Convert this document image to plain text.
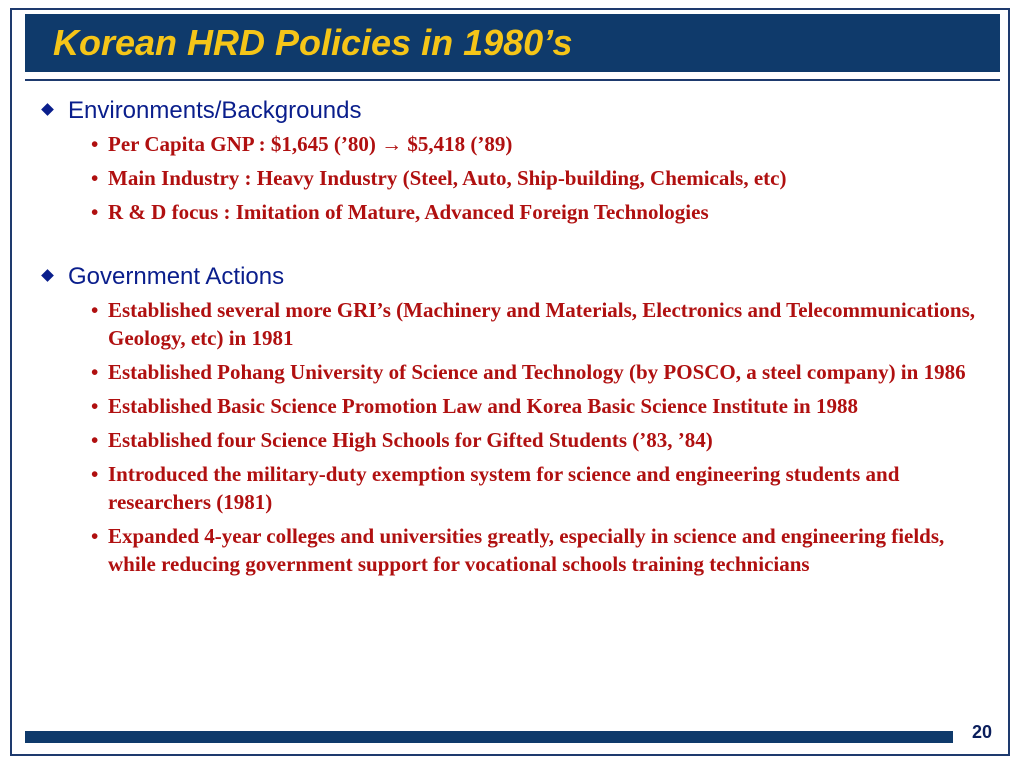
Korean HRD Policies in 1980’s
Environments/Backgrounds
• Per Capita GNP : $1,645 (’80) → $5,418 (’89)
• Main Industry : Heavy Industry (Steel, Auto, Ship-building, Chemicals, etc)
• R & D focus : Imitation of Mature, Advanced Foreign Technologies
Government Actions
• Established several more GRI’s (Machinery and Materials, Electronics and Telecommunications, Geology, etc) in 1981
• Established Pohang University of Science and Technology (by POSCO, a steel company) in 1986
• Established Basic Science Promotion Law and Korea Basic Science Institute in 1988
• Established four Science High Schools for Gifted Students (’83, ’84)
• Introduced the military-duty exemption system for science and engineering students and researchers (1981)
• Expanded 4-year colleges and universities greatly, especially in science and engineering fields, while reducing government support for vocational schools training technicians
20
